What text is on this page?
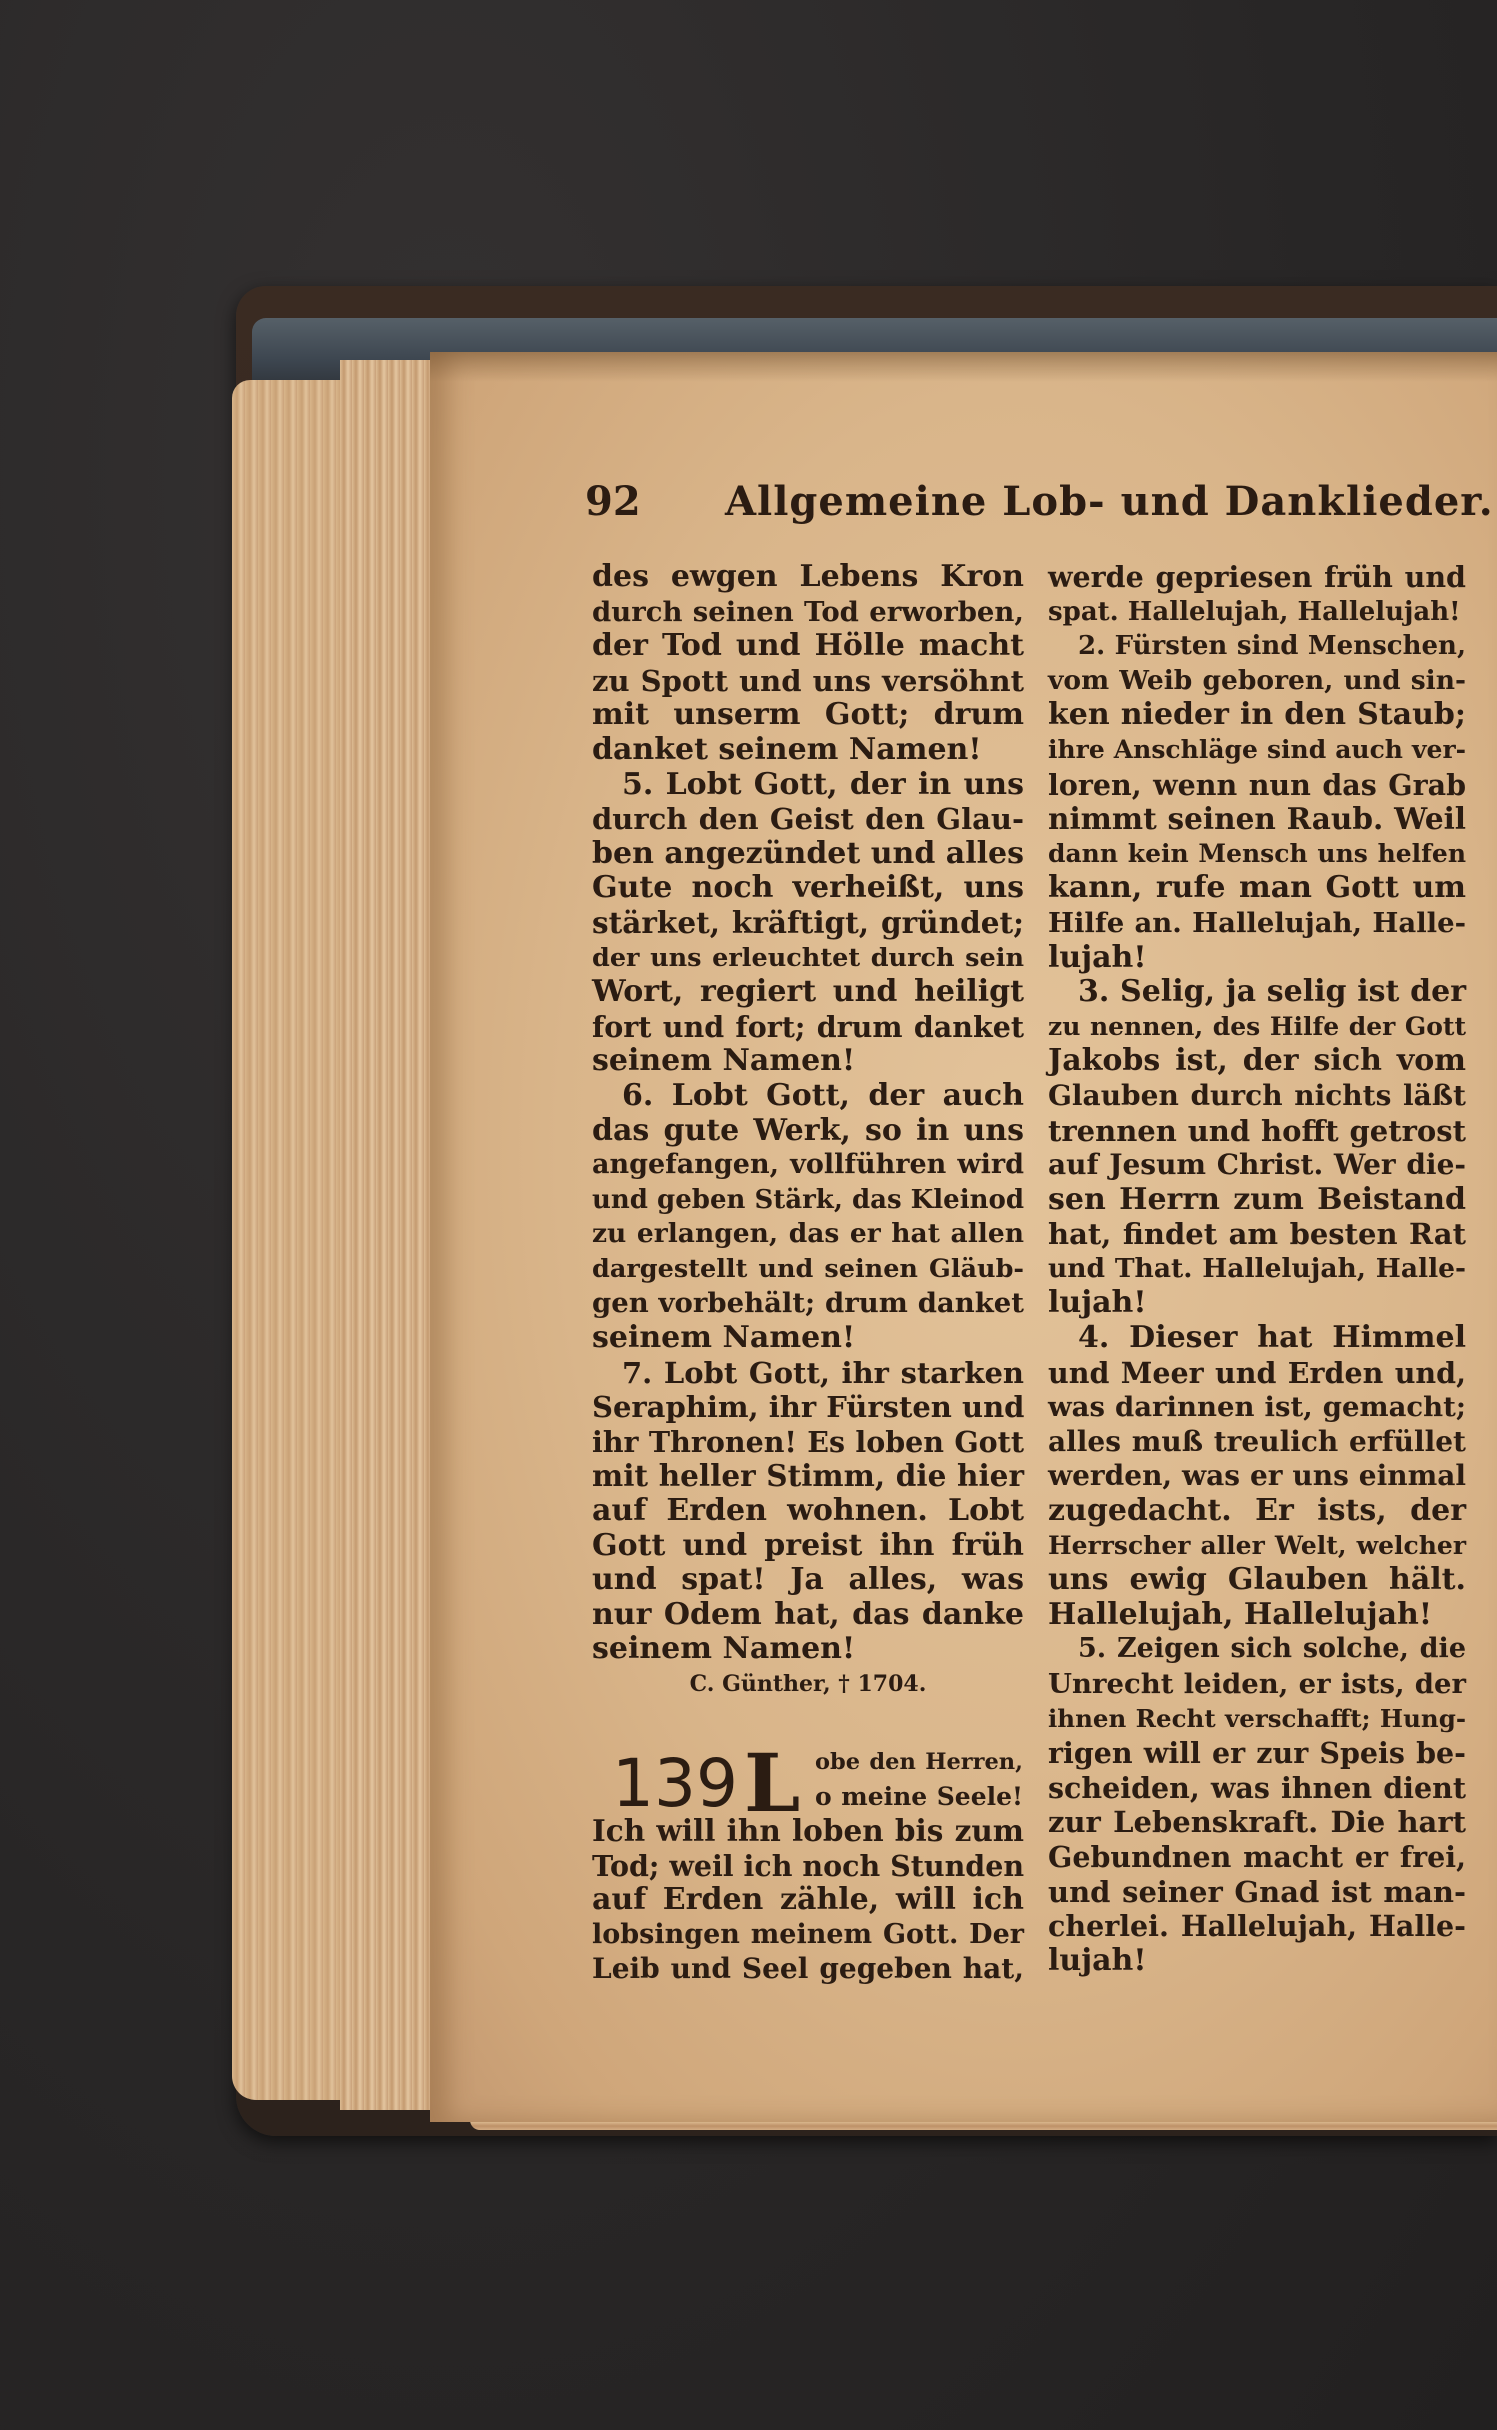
92 Allgemeine Lob- und Danklieder.
des ewgen Lebens Kron
durch seinen Tod erworben,
der Tod und Hölle macht
zu Spott und uns versöhnt
mit unserm Gott; drum
danket seinem Namen!
5. Lobt Gott, der in uns
durch den Geist den Glau-
ben angezündet und alles
Gute noch verheißt, uns
stärket, kräftigt, gründet;
der uns erleuchtet durch sein
Wort, regiert und heiligt
fort und fort; drum danket
seinem Namen!
6. Lobt Gott, der auch
das gute Werk, so in uns
angefangen, vollführen wird
und geben Stärk, das Kleinod
zu erlangen, das er hat allen
dargestellt und seinen Gläub-
gen vorbehält; drum danket
seinem Namen!
7. Lobt Gott, ihr starken
Seraphim, ihr Fürsten und
ihr Thronen! Es loben Gott
mit heller Stimm, die hier
auf Erden wohnen. Lobt
Gott und preist ihn früh
und spat! Ja alles, was
nur Odem hat, das danke
seinem Namen!
C. Günther, † 1704.
139 L obe den Herren,
o meine Seele!
Ich will ihn loben bis zum
Tod; weil ich noch Stunden
auf Erden zähle, will ich
lobsingen meinem Gott. Der
Leib und Seel gegeben hat,
werde gepriesen früh und
spat. Hallelujah, Hallelujah!
2. Fürsten sind Menschen,
vom Weib geboren, und sin-
ken nieder in den Staub;
ihre Anschläge sind auch ver-
loren, wenn nun das Grab
nimmt seinen Raub. Weil
dann kein Mensch uns helfen
kann, rufe man Gott um
Hilfe an. Hallelujah, Halle-
lujah!
3. Selig, ja selig ist der
zu nennen, des Hilfe der Gott
Jakobs ist, der sich vom
Glauben durch nichts läßt
trennen und hofft getrost
auf Jesum Christ. Wer die-
sen Herrn zum Beistand
hat, findet am besten Rat
und That. Hallelujah, Halle-
lujah!
4. Dieser hat Himmel
und Meer und Erden und,
was darinnen ist, gemacht;
alles muß treulich erfüllet
werden, was er uns einmal
zugedacht. Er ists, der
Herrscher aller Welt, welcher
uns ewig Glauben hält.
Hallelujah, Hallelujah!
5. Zeigen sich solche, die
Unrecht leiden, er ists, der
ihnen Recht verschafft; Hung-
rigen will er zur Speis be-
scheiden, was ihnen dient
zur Lebenskraft. Die hart
Gebundnen macht er frei,
und seiner Gnad ist man-
cherlei. Hallelujah, Halle-
lujah!
